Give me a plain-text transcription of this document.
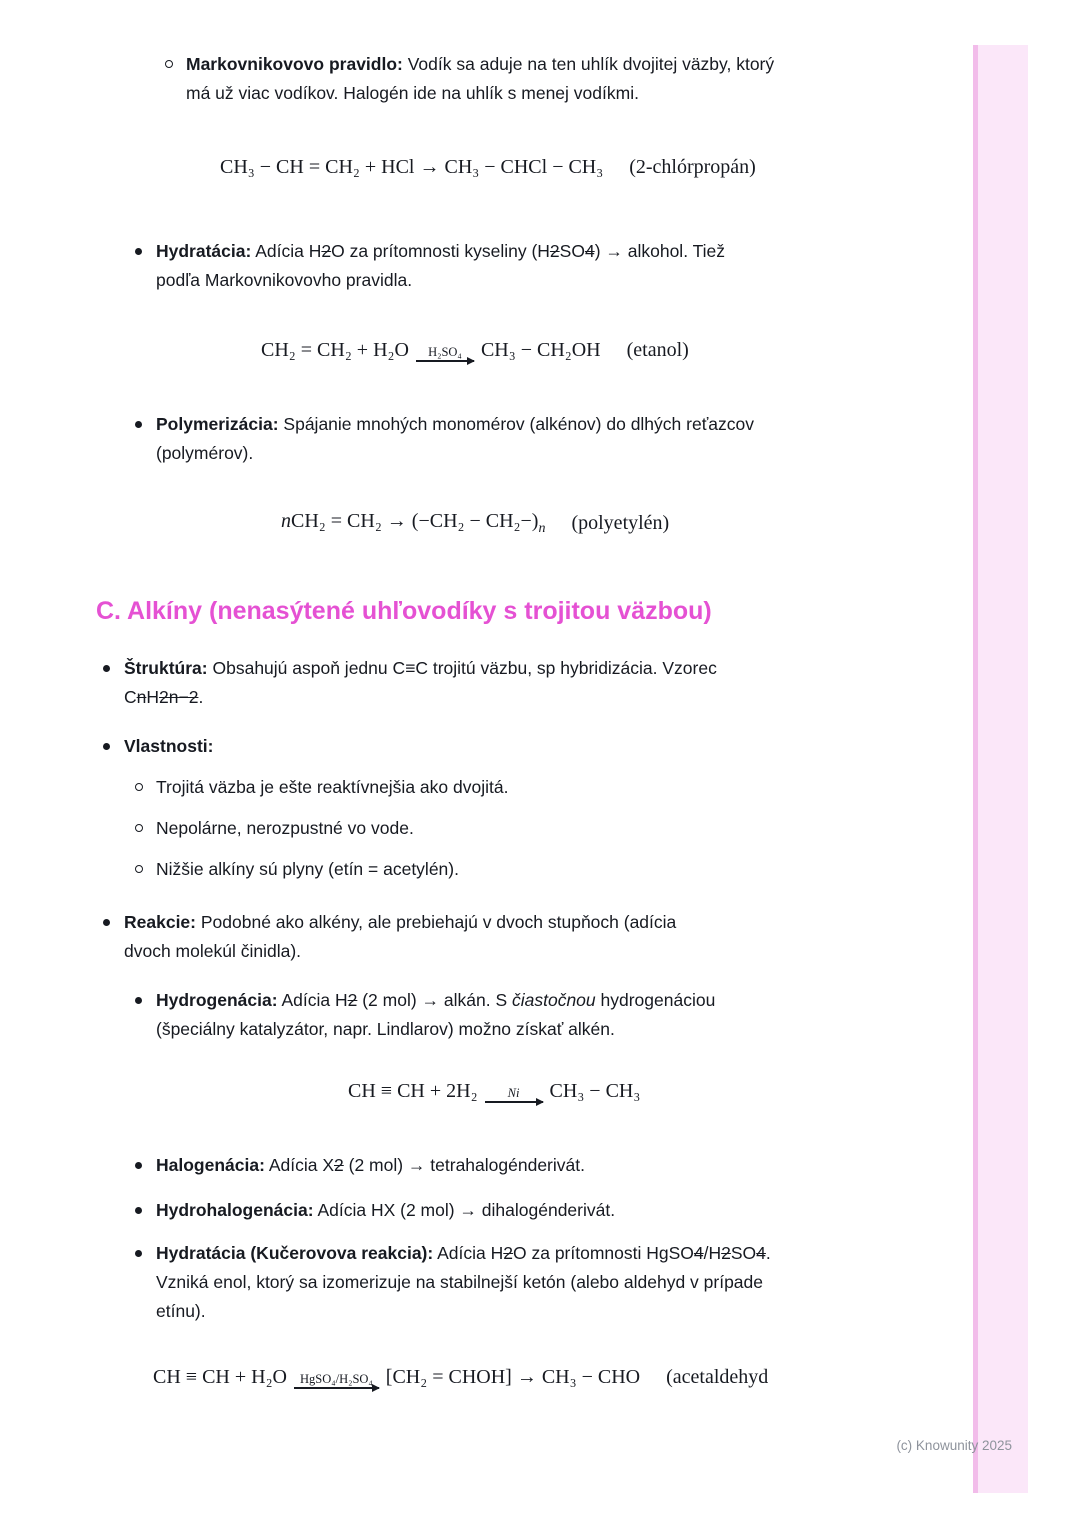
Markovnikovovo pravidlo: Vodík sa aduje na ten uhlík dvojitej väzby, ktorý má už viac vodíkov. Halogén ide na uhlík s menej vodíkmi.

CH₃ − CH = CH₂ + HCl → CH₃ − CHCl − CH₃ (2-chlórpropán)

Hydratácia: Adícia H2O za prítomnosti kyseliny (H2SO4) → alkohol. Tiež podľa Markovnikovovho pravidla.

CH₂ = CH₂ + H₂O	H₂SO₄ CH₃ − CH₂OH (etanol)

Polymerizácia: Spájanie mnohých monomérov (alkénov) do dlhých reťazcov (polymérov).

$nCH_2 = CH_2 \to (-CH_2 - CH_2-)_n$ (polyetylén)
C. Alkíny (nenasýtené uhľovodíky s trojitou väzbou)

Štruktúra: Obsahujú aspoň jednu C≡C trojitú väzbu, sp hybridizácia. Vzorec CnH2n−2.

Vlastnosti:

Trojitá väzba je ešte reaktívnejšia ako dvojitá.

Nepolárne, nerozpustné vo vode.

Nižšie alkíny sú plyny (etín = acetylén).

Reakcie: Podobné ako alkény, ale prebiehajú v dvoch stupňoch (adícia dvoch molekúl činidla).

Hydrogenácia: Adícia H2 (2 mol) → alkán. S čiastočnou hydrogenáciou (špeciálny katalyzátor, napr. Lindlarov) možno získať alkén.

CH ≡ CH + 2H₂	Ni	CH₃ − CH₃

Halogenácia: Adícia X2 (2 mol) → tetrahalogénderivát.

Hydrohalogenácia: Adícia HX (2 mol) → dihalogénderivát.

Hydratácia (Kučerovova reakcia): Adícia H2O za prítomnosti HgSO4/H2SO4. Vzniká enol, ktorý sa izomerizuje na stabilnejší ketón (alebo aldehyd v prípade etínu).

CH ≡ CH + H₂O	HgSO₄/H₂SO₄ [CH₂ = CHOH] → CH₃ − CHO (acetaldehyd
(c) Knowunity 2025
